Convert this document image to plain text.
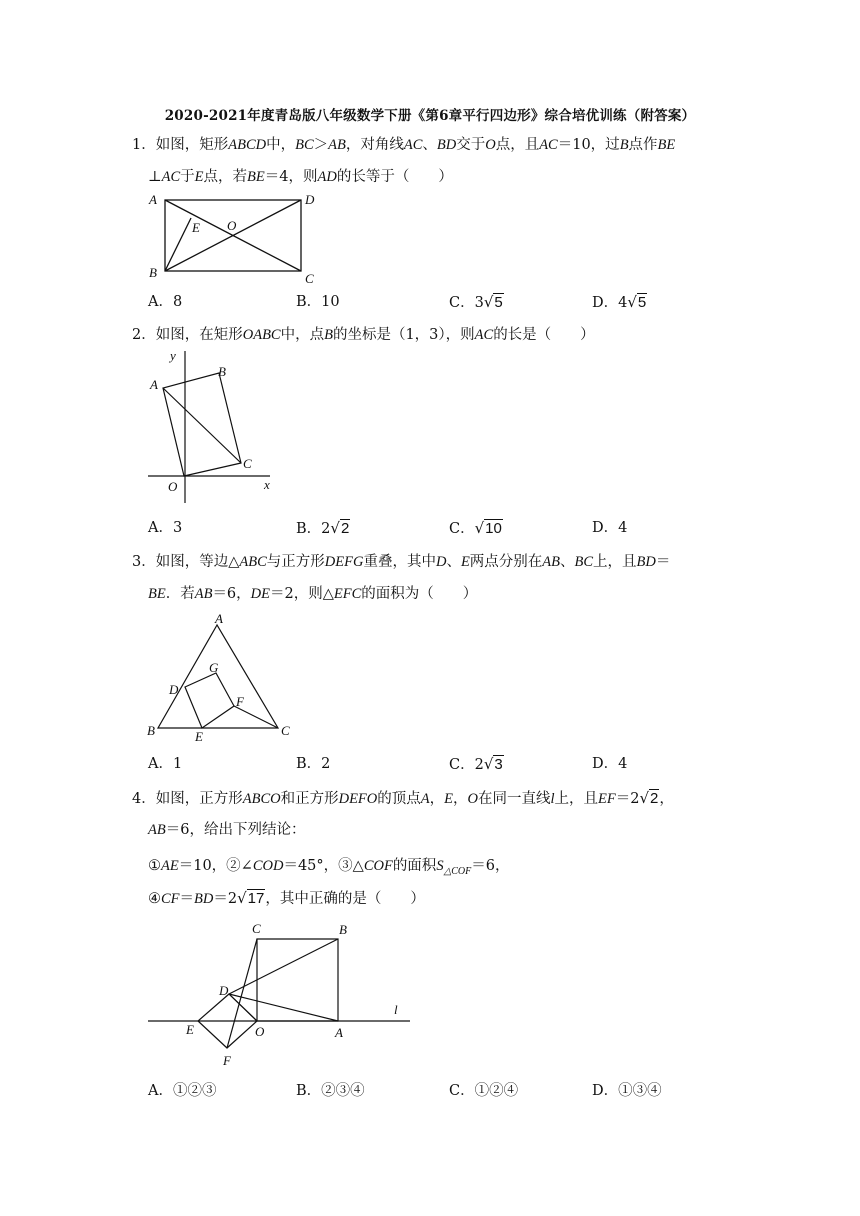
2020-2021年度青岛版八年级数学下册《第6章平行四边形》综合培优训练（附答案）
1．如图，矩形ABCD中，BC＞AB，对角线AC、BD交于O点，且AC＝10，过B点作BE
⊥AC于E点，若BE＝4，则AD的长等于（　　）
A	D
E O
B	C
A．8	B．10	C．3√5	D．4√5
2．如图，在矩形OABC中，点B的坐标是（1，3），则AC的长是（　　）
y
x
A
B
C
O
A．3	B．2√2	C．√10	D．4
3．如图，等边△ABC与正方形DEFG重叠，其中D、E两点分别在AB、BC上，且BD＝
BE．若AB＝6，DE＝2，则△EFC的面积为（　　）
A
G
D
F
B	E	C
A．1	B．2	C．2√3	D．4
4．如图，正方形ABCO和正方形DEFO的顶点A，E，O在同一直线l上，且EF＝2√2，
AB＝6，给出下列结论：
①AE＝10，②∠COD＝45°，③△COF的面积$S_{\triangle COF}=6$，
④CF＝BD＝2√17，其中正确的是（　　）
C	B
D
l
E	O	A
F
A．①②③	B．②③④	C．①②④	D．①③④
